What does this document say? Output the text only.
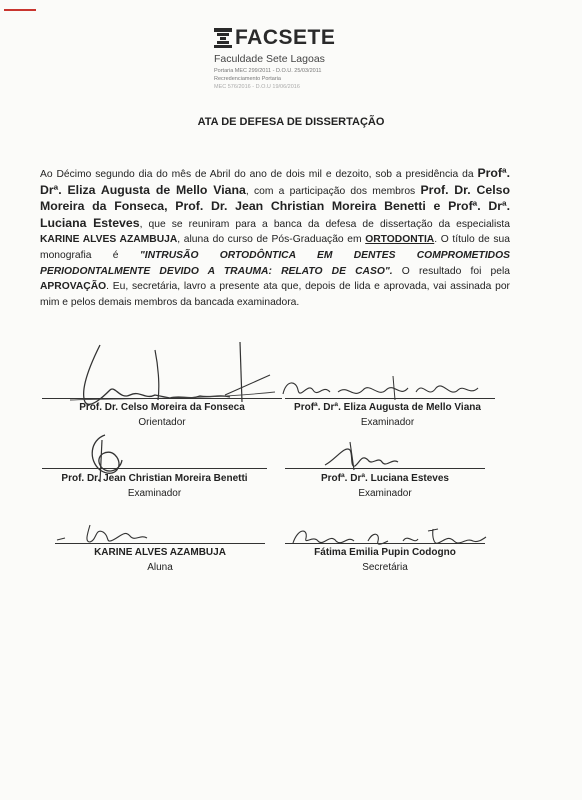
FACSETE
Faculdade Sete Lagoas
Portaria MEC 299/2011 - D.O.U. 25/03/2011
Recredenciamento Portaria
MEC 576/2016 - D.O.U 19/06/2016
ATA DE DEFESA DE DISSERTAÇÃO
Ao Décimo segundo dia do mês de Abril do ano de dois mil e dezoito, sob a presidência da Profª. Drª. Eliza Augusta de Mello Viana, com a participação dos membros Prof. Dr. Celso Moreira da Fonseca, Prof. Dr. Jean Christian Moreira Benetti e Profª. Drª. Luciana Esteves, que se reuniram para a banca da defesa de dissertação da especialista KARINE ALVES AZAMBUJA, aluna do curso de Pós-Graduação em ORTODONTIA. O título de sua monografia é "INTRUSÃO ORTODÔNTICA EM DENTES COMPROMETIDOS PERIODONTALMENTE DEVIDO A TRAUMA: RELATO DE CASO". O resultado foi pela APROVAÇÃO. Eu, secretária, lavro a presente ata que, depois de lida e aprovada, vai assinada por mim e pelos demais membros da bancada examinadora.
Prof. Dr. Celso Moreira da Fonseca
Orientador
Profª. Drª. Eliza Augusta de Mello Viana
Examinador
Prof. Dr. Jean Christian Moreira Benetti
Examinador
Profª. Drª. Luciana Esteves
Examinador
KARINE ALVES AZAMBUJA
Aluna
Fátima Emilia Pupin Codogno
Secretária
